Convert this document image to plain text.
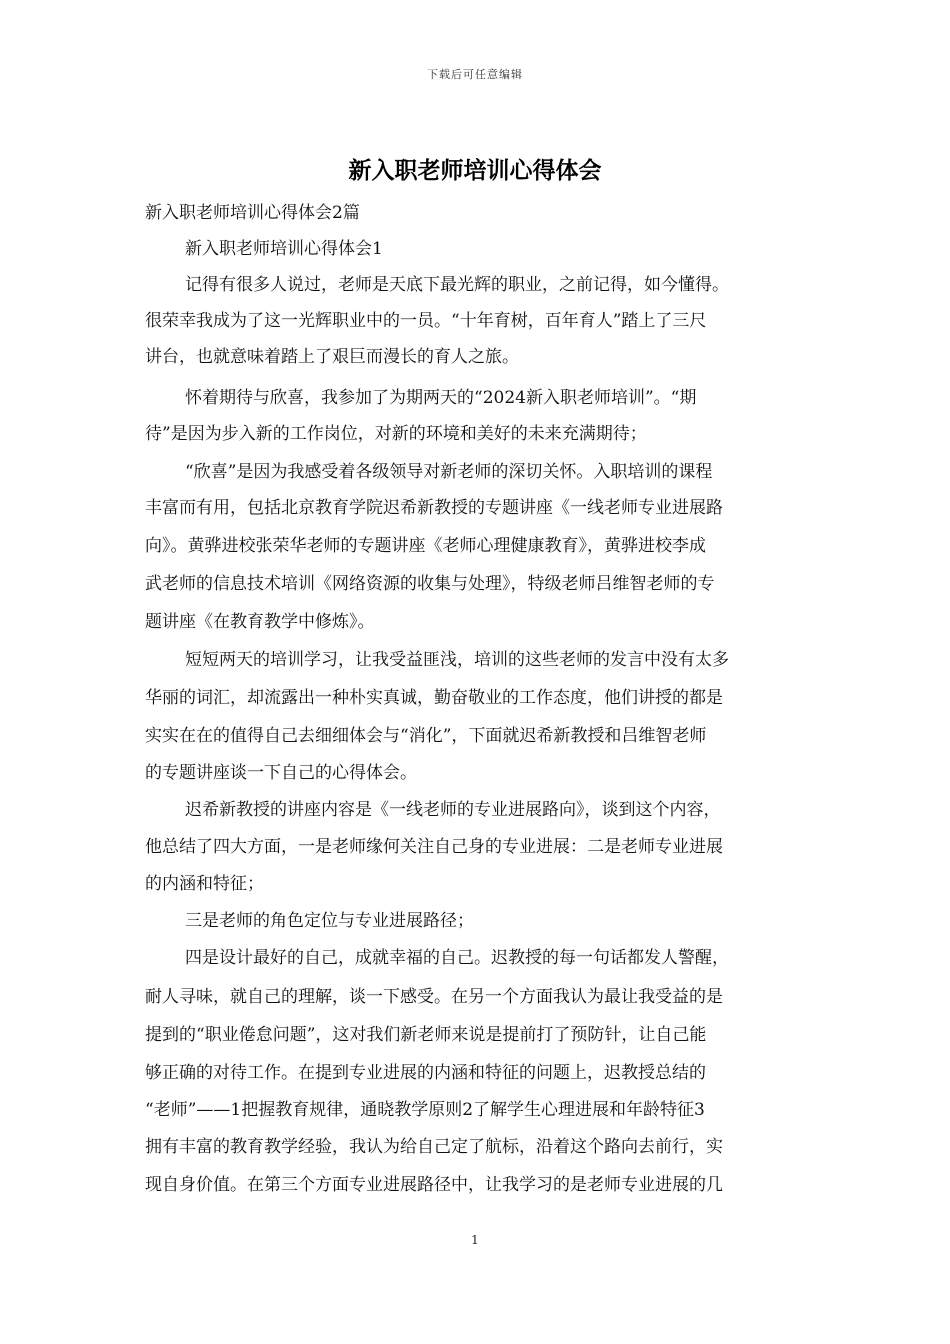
下载后可任意编辑
新入职老师培训心得体会
新入职老师培训心得体会2篇
新入职老师培训心得体会1
记得有很多人说过，老师是天底下最光辉的职业，之前记得，如今懂得。
很荣幸我成为了这一光辉职业中的一员。“十年育树，百年育人”踏上了三尺
讲台，也就意味着踏上了艰巨而漫长的育人之旅。
怀着期待与欣喜，我参加了为期两天的“2024新入职老师培训”。“期
待”是因为步入新的工作岗位，对新的环境和美好的未来充满期待；
“欣喜”是因为我感受着各级领导对新老师的深切关怀。入职培训的课程
丰富而有用，包括北京教育学院迟希新教授的专题讲座《一线老师专业进展路
向》。黄骅进校张荣华老师的专题讲座《老师心理健康教育》，黄骅进校李成
武老师的信息技术培训《网络资源的收集与处理》，特级老师吕维智老师的专
题讲座《在教育教学中修炼》。
短短两天的培训学习，让我受益匪浅，培训的这些老师的发言中没有太多
华丽的词汇，却流露出一种朴实真诚，勤奋敬业的工作态度，他们讲授的都是
实实在在的值得自己去细细体会与“消化”，下面就迟希新教授和吕维智老师
的专题讲座谈一下自己的心得体会。
迟希新教授的讲座内容是《一线老师的专业进展路向》，谈到这个内容，
他总结了四大方面，一是老师缘何关注自己身的专业进展：二是老师专业进展
的内涵和特征；
三是老师的角色定位与专业进展路径；
四是设计最好的自己，成就幸福的自己。迟教授的每一句话都发人警醒，
耐人寻味，就自己的理解，谈一下感受。在另一个方面我认为最让我受益的是
提到的“职业倦怠问题”，这对我们新老师来说是提前打了预防针，让自己能
够正确的对待工作。在提到专业进展的内涵和特征的问题上，迟教授总结的
“老师”——1把握教育规律，通晓教学原则2了解学生心理进展和年龄特征3
拥有丰富的教育教学经验，我认为给自己定了航标，沿着这个路向去前行，实
现自身价值。在第三个方面专业进展路径中，让我学习的是老师专业进展的几
1
